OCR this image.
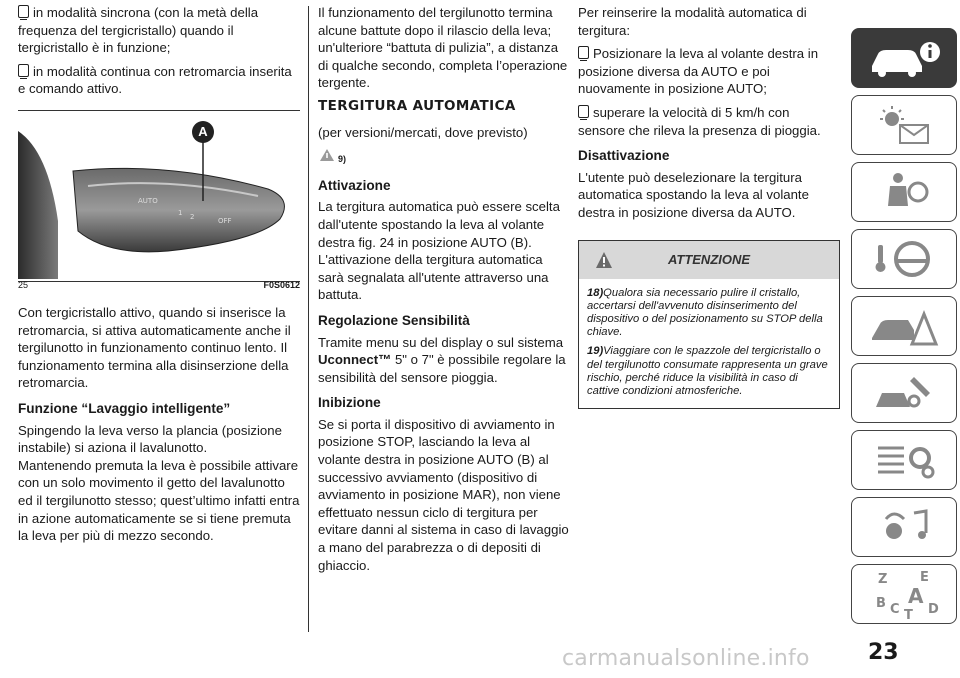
in modalità sincrona (con la metà della frequenza del tergicristallo) quando il tergicristallo è in funzione;

in modalità continua con retromarcia inserita e comando attivo.

AUTO
1 2	OFF
A
25	F0S0612

Con tergicristallo attivo, quando si inserisce la retromarcia, si attiva automaticamente anche il tergilunotto in funzionamento continuo lento. Il funzionamento termina alla disinserzione della retromarcia.

Funzione “Lavaggio intelligente”

Spingendo la leva verso la plancia (posizione instabile) si aziona il lavalunotto.

Mantenendo premuta la leva è possibile attivare con un solo movimento il getto del lavalunotto ed il tergilunotto stesso; quest’ultimo infatti entra in azione automaticamente se si tiene premuta la leva per più di mezzo secondo.

Il funzionamento del tergilunotto termina alcune battute dopo il rilascio della leva; un'ulteriore “battuta di pulizia”, a distanza di qualche secondo, completa l’operazione tergente.

TERGITURA AUTOMATICA

(per versioni/mercati, dove previsto)

9)
Attivazione

La tergitura automatica può essere scelta dall'utente spostando la leva al volante destra fig. 24 in posizione AUTO (B). L'attivazione della tergitura automatica sarà segnalata all'utente attraverso una battuta.

Regolazione Sensibilità

Tramite menu su del display o sul sistema Uconnect™ 5" o 7" è possibile regolare la sensibilità del sensore pioggia.

Inibizione

Se si porta il dispositivo di avviamento in posizione STOP, lasciando la leva al volante destra in posizione AUTO (B) al successivo avviamento (dispositivo di avviamento in posizione MAR), non viene effettuato nessun ciclo di tergitura per evitare danni al sistema in caso di lavaggio a mano del parabrezza o di depositi di ghiaccio.

Per reinserire la modalità automatica di tergitura:

Posizionare la leva al volante destra in posizione diversa da AUTO e poi nuovamente in posizione AUTO;

superare la velocità di 5 km/h con sensore che rileva la presenza di pioggia.

Disattivazione

L'utente può deselezionare la tergitura automatica spostando la leva al volante destra in posizione diversa da AUTO.

ATTENZIONE

18)Qualora sia necessario pulire il cristallo, accertarsi dell'avvenuto disinserimento del dispositivo o del posizionamento su STOP della chiave.

19)Viaggiare con le spazzole del tergicristallo o del tergilunotto consumate rappresenta un grave rischio, perché riduce la visibilità in caso di cattive condizioni atmosferiche.

Z	E
B A
C D
T
23
carmanualsonline.info
